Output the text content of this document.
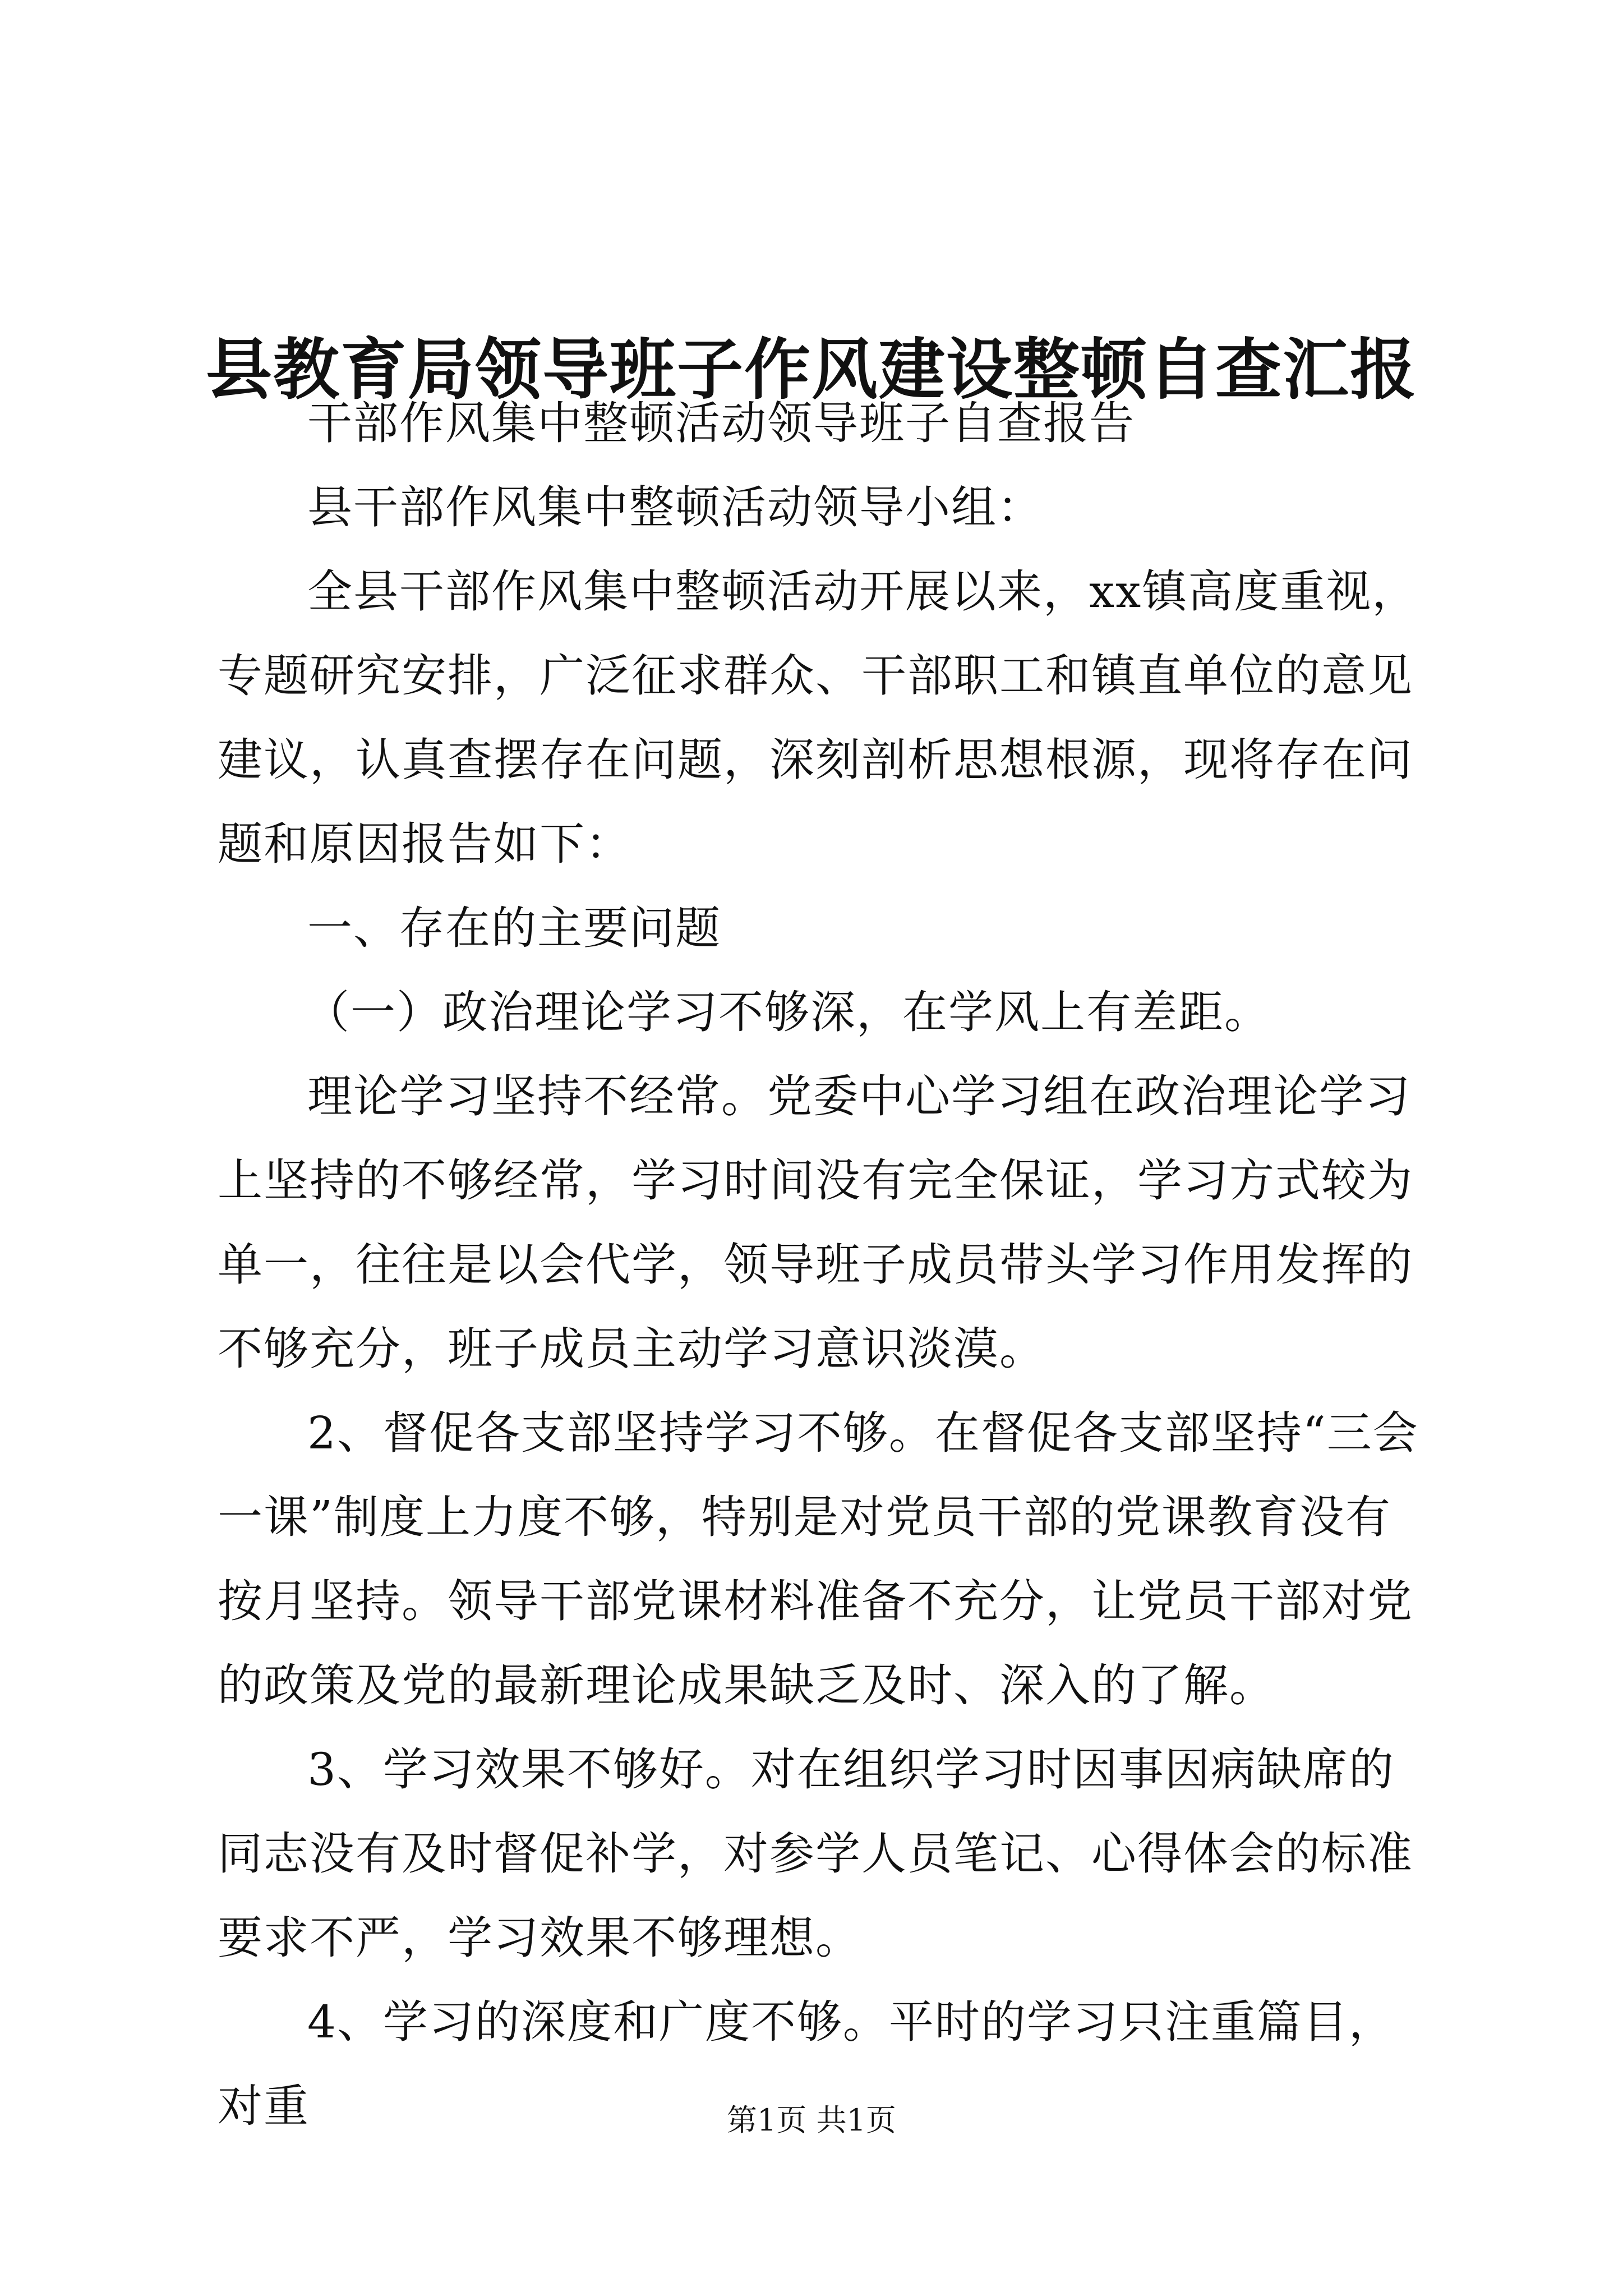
县教育局领导班子作风建设整顿自查汇报

干部作风集中整顿活动领导班子自查报告

县干部作风集中整顿活动领导小组：

全县干部作风集中整顿活动开展以来，xx镇高度重视，专题研究安排，广泛征求群众、干部职工和镇直单位的意见建议，认真查摆存在问题，深刻剖析思想根源，现将存在问题和原因报告如下：

一、存在的主要问题

（一）政治理论学习不够深，在学风上有差距。

理论学习坚持不经常。党委中心学习组在政治理论学习上坚持的不够经常，学习时间没有完全保证，学习方式较为单一，往往是以会代学，领导班子成员带头学习作用发挥的不够充分，班子成员主动学习意识淡漠。

2、督促各支部坚持学习不够。在督促各支部坚持“三会一课”制度上力度不够，特别是对党员干部的党课教育没有按月坚持。领导干部党课材料准备不充分，让党员干部对党的政策及党的最新理论成果缺乏及时、深入的了解。

3、学习效果不够好。对在组织学习时因事因病缺席的同志没有及时督促补学，对参学人员笔记、心得体会的标准要求不严，学习效果不够理想。

4、学习的深度和广度不够。平时的学习只注重篇目，对重	第1页 共1页
